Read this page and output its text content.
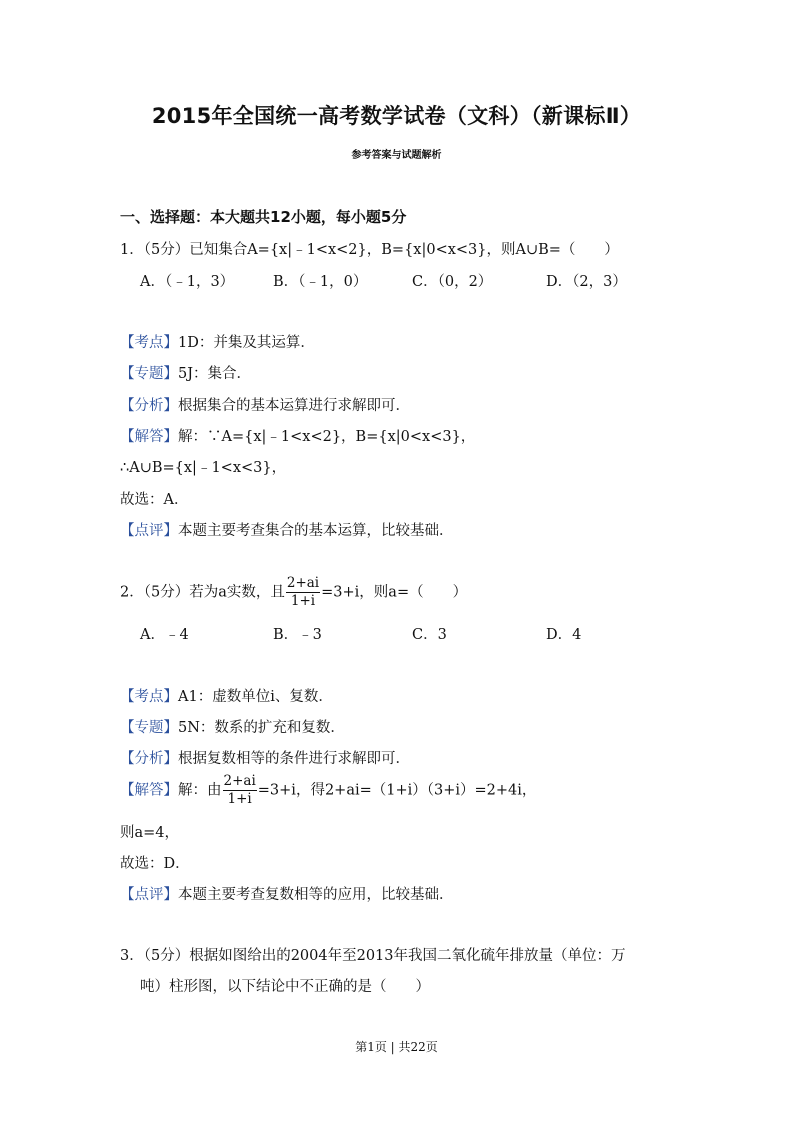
2015年全国统一高考数学试卷（文科）（新课标Ⅱ）
参考答案与试题解析
一、选择题：本大题共12小题，每小题5分
1．（5分）已知集合A={x|﹣1<x<2}，B={x|0<x<3}，则A∪B=（　　）
A．（﹣1，3）	B．（﹣1，0）	C．（0，2）	D．（2，3）
【考点】1D：并集及其运算．
【专题】5J：集合．
【分析】根据集合的基本运算进行求解即可．
【解答】解：∵A={x|﹣1<x<2}，B={x|0<x<3}，
∴A∪B={x|﹣1<x<3}，
故选：A．
【点评】本题主要考查集合的基本运算，比较基础．
2．（5分）若为a实数，且 $\frac{2+ai}{1+i} =3+i$，则a=（　　）
A．﹣4	B．﹣3	C．3	D．4
【考点】A1：虚数单位i、复数．
【专题】5N：数系的扩充和复数．
【分析】根据复数相等的条件进行求解即可．
【解答】解：由 $\frac{2+ai}{1+i} =3+i$，得2+ai=（1+i）（3+i）=2+4i，
则a=4，
故选：D．
【点评】本题主要考查复数相等的应用，比较基础．
3．（5分）根据如图给出的2004年至2013年我国二氧化硫年排放量（单位：万
吨）柱形图，以下结论中不正确的是（　　）
第1页 | 共22页
